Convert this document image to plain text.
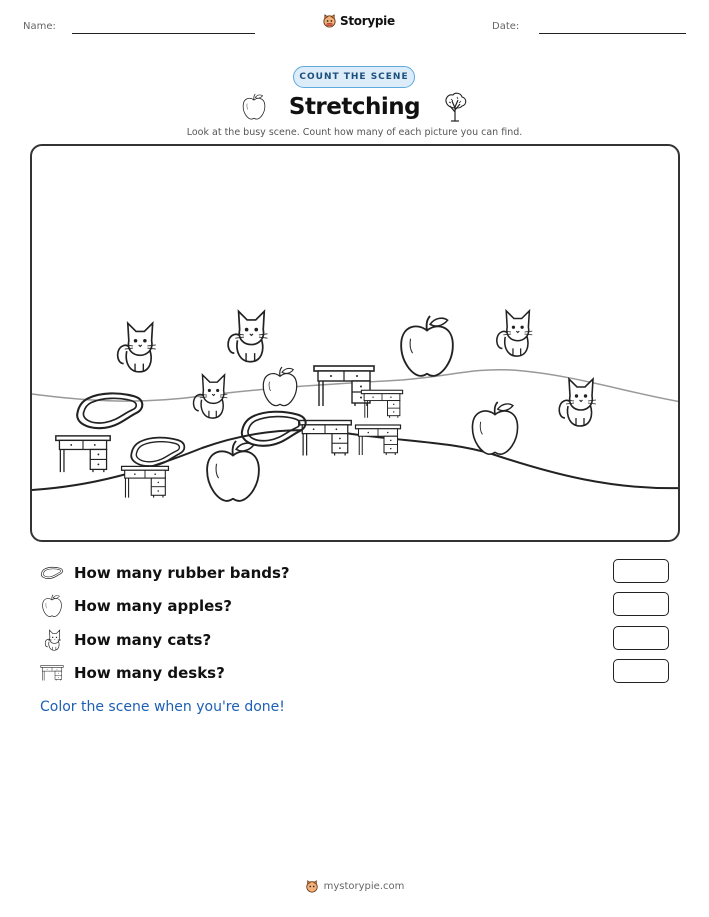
Name:	Storypie	Date:
COUNT THE SCENE
Stretching
Look at the busy scene. Count how many of each picture you can find.
How many rubber bands?
How many apples?
How many cats?
How many desks?
Color the scene when you're done!
mystorypie.com
